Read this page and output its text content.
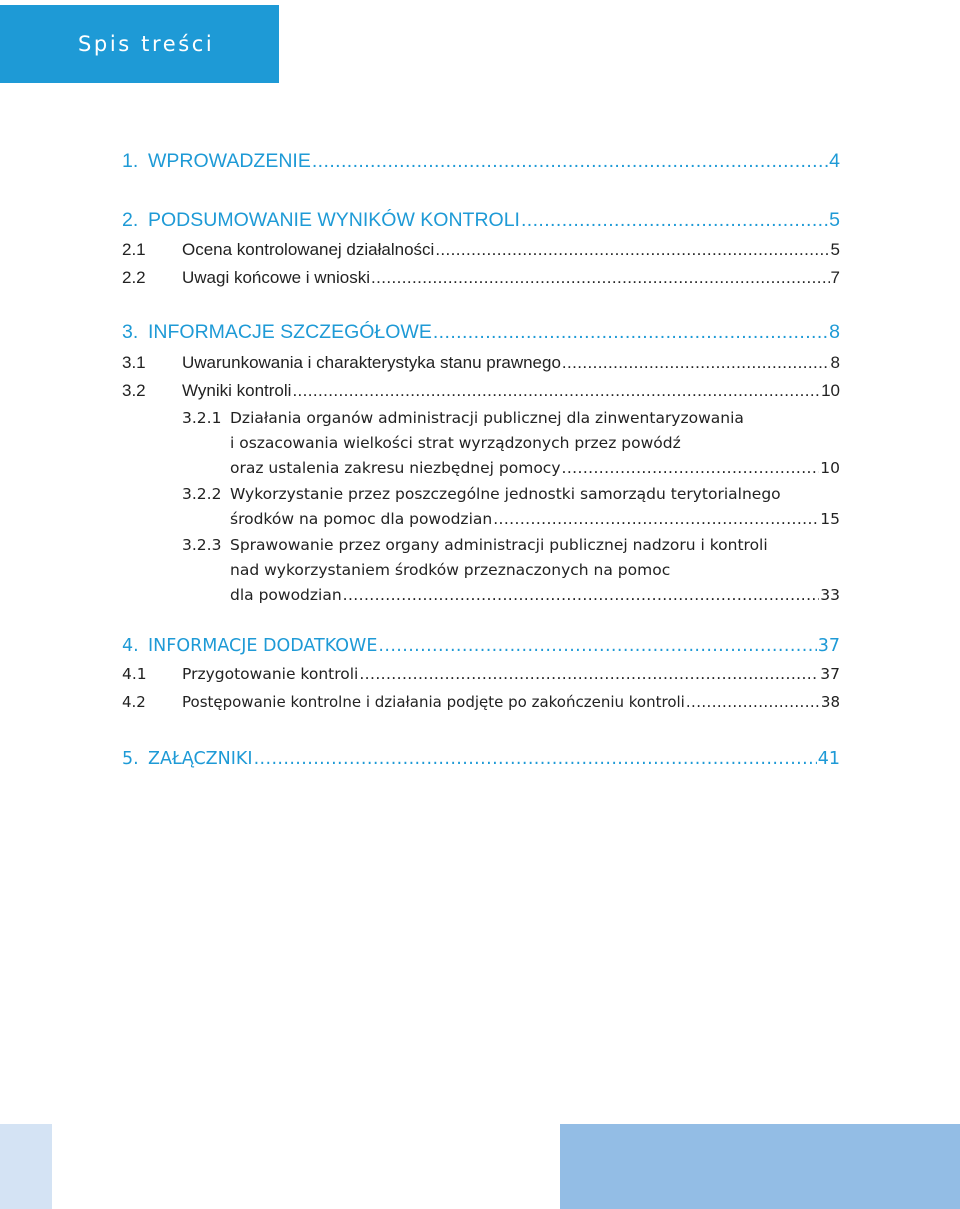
Spis treści
1. WPROWADZENIE .....	4
2. PODSUMOWANIE WYNIKÓW KONTROLI .....	5
2.1	Ocena kontrolowanej działalności .....	5
2.2	Uwagi końcowe i wnioski .....	7
3. INFORMACJE SZCZEGÓŁOWE .....	8
3.1	Uwarunkowania i charakterystyka stanu prawnego .....	8
3.2	Wyniki kontroli .....	10
3.2.1 Działania organów administracji publicznej dla zinwentaryzowania
i oszacowania wielkości strat wyrządzonych przez powódź
oraz ustalenia zakresu niezbędnej pomocy .....	10
3.2.2 Wykorzystanie przez poszczególne jednostki samorządu terytorialnego
środków na pomoc dla powodzian .....	15
3.2.3 Sprawowanie przez organy administracji publicznej nadzoru i kontroli
nad wykorzystaniem środków przeznaczonych na pomoc
dla powodzian .....	33
4. INFORMACJE DODATKOWE .....	37
4.1	Przygotowanie kontroli .....	37
4.2	Postępowanie kontrolne i działania podjęte po zakończeniu kontroli .....	38
5. ZAŁĄCZNIKI .....	41
